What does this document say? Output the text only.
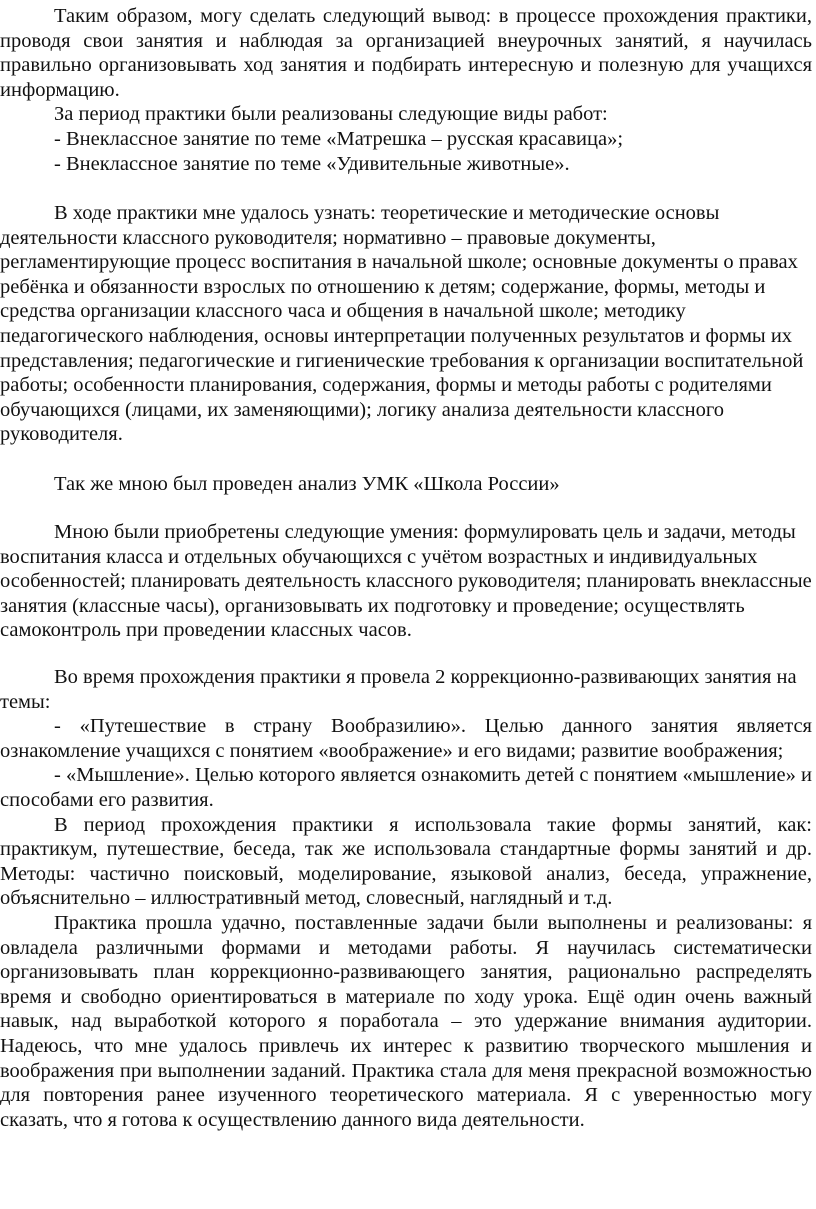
Таким образом, могу сделать следующий вывод: в процессе прохождения практики, проводя свои занятия и наблюдая за организацией внеурочных занятий, я научилась правильно организовывать ход занятия и подбирать интересную и полезную для учащихся информацию.

За период практики были реализованы следующие виды работ:

- Внеклассное занятие по теме «Матрешка – русская красавица»;

- Внеклассное занятие по теме «Удивительные животные».

В ходе практики мне удалось узнать: теоретические и методические основы деятельности классного руководителя; нормативно – правовые документы, регламентирующие процесс воспитания в начальной школе; основные документы о правах ребёнка и обязанности взрослых по отношению к детям; содержание, формы, методы и средства организации классного часа и общения в начальной школе; методику педагогического наблюдения, основы интерпретации полученных результатов и формы их представления; педагогические и гигиенические требования к организации воспитательной работы; особенности планирования, содержания, формы и методы работы с родителями обучающихся (лицами, их заменяющими); логику анализа деятельности классного руководителя.

Так же мною был проведен анализ УМК «Школа России»

Мною были приобретены следующие умения: формулировать цель и задачи, методы воспитания класса и отдельных обучающихся с учётом возрастных и индивидуальных особенностей; планировать деятельность классного руководителя; планировать внеклассные занятия (классные часы), организовывать их подготовку и проведение; осуществлять самоконтроль при проведении классных часов.

Во время прохождения практики я провела 2 коррекционно-развивающих занятия на темы:

- «Путешествие в страну Вообразилию». Целью данного занятия является ознакомление учащихся с понятием «воображение» и его видами; развитие воображения;

- «Мышление». Целью которого является ознакомить детей с понятием «мышление» и способами его развития.

В период прохождения практики я использовала такие формы занятий, как: практикум, путешествие, беседа, так же использовала стандартные формы занятий и др. Методы: частично поисковый, моделирование, языковой анализ, беседа, упражнение, объяснительно – иллюстративный метод, словесный, наглядный и т.д.

Практика прошла удачно, поставленные задачи были выполнены и реализованы: я овладела различными формами и методами работы. Я научилась систематически организовывать план коррекционно-развивающего занятия, рационально распределять время и свободно ориентироваться в материале по ходу урока. Ещё один очень важный навык, над выработкой которого я поработала – это удержание внимания аудитории. Надеюсь, что мне удалось привлечь их интерес к развитию творческого мышления и воображения при выполнении заданий. Практика стала для меня прекрасной возможностью для повторения ранее изученного теоретического материала. Я с уверенностью могу сказать, что я готова к осуществлению данного вида деятельности.
